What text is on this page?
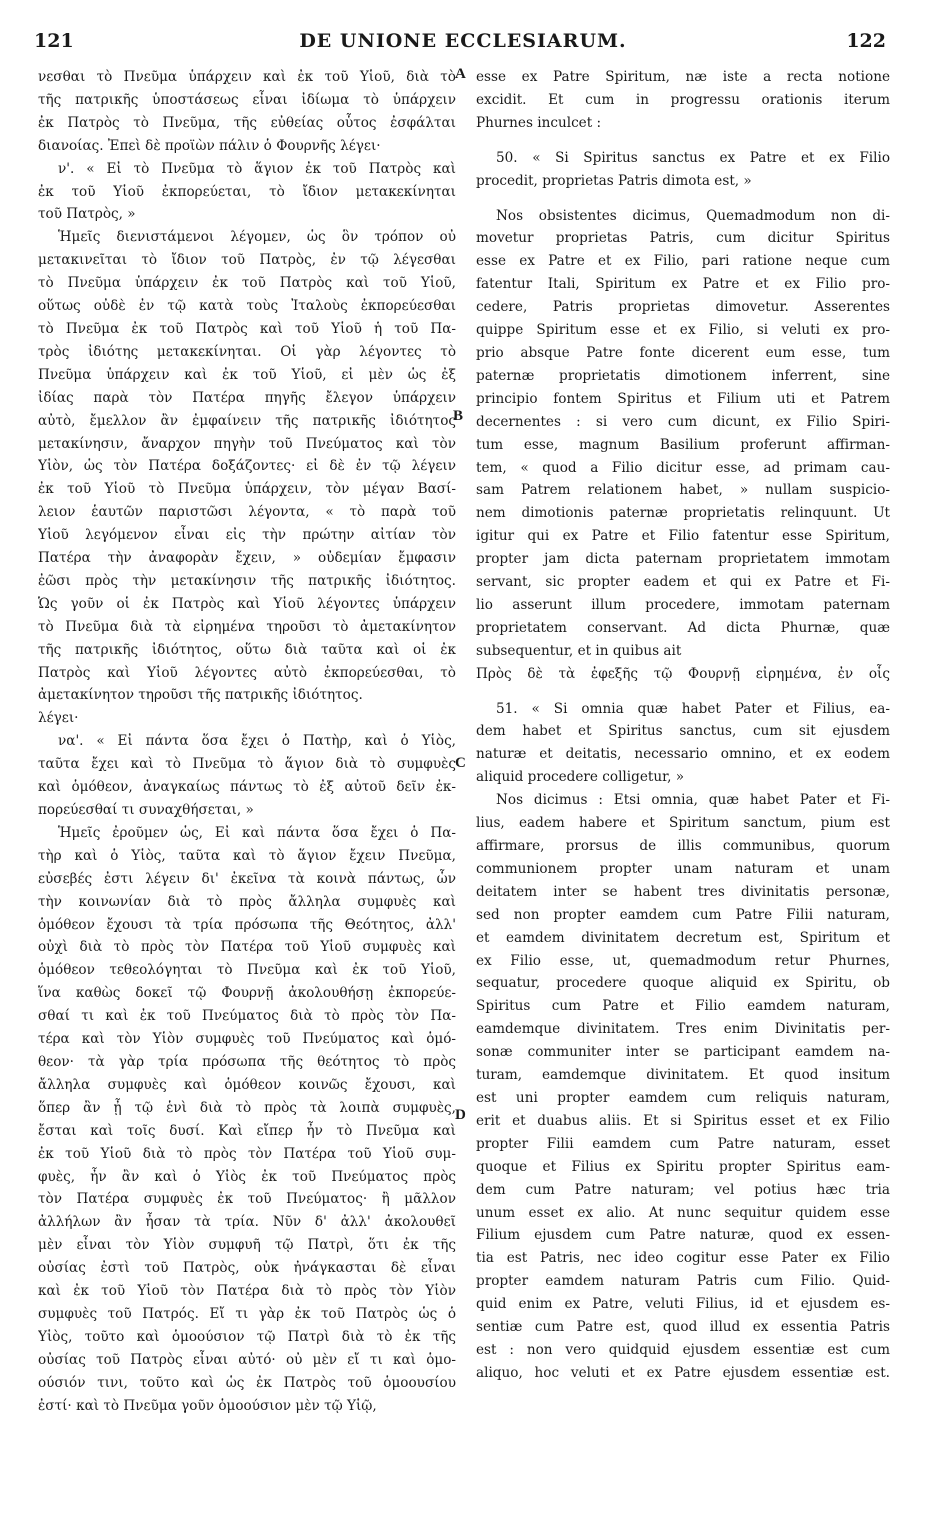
121	DE UNIONE ECCLESIARUM.	122
A
B
C
D
νεσθαι τὸ Πνεῦμα ὑπάρχειν καὶ ἐκ τοῦ Υἱοῦ, διὰ τὸ
τῆς πατρικῆς ὑποστάσεως εἶναι ἰδίωμα τὸ ὑπάρχειν
ἐκ Πατρὸς τὸ Πνεῦμα, τῆς εὐθείας οὗτος ἐσφάλται
διανοίας. Ἐπεὶ δὲ προϊὼν πάλιν ὁ Φουρνῆς λέγει·
ν'. « Εἰ τὸ Πνεῦμα τὸ ἅγιον ἐκ τοῦ Πατρὸς καὶ
ἐκ τοῦ Υἱοῦ ἐκπορεύεται, τὸ ἴδιον μετακεκίνηται
τοῦ Πατρὸς, »
Ἡμεῖς διενιστάμενοι λέγομεν, ὡς ὃν τρόπον οὐ
μετακινεῖται τὸ ἴδιον τοῦ Πατρὸς, ἐν τῷ λέγεσθαι
τὸ Πνεῦμα ὑπάρχειν ἐκ τοῦ Πατρὸς καὶ τοῦ Υἱοῦ,
οὕτως οὐδὲ ἐν τῷ κατὰ τοὺς Ἰταλοὺς ἐκπορεύεσθαι
τὸ Πνεῦμα ἐκ τοῦ Πατρὸς καὶ τοῦ Υἱοῦ ἡ τοῦ Πα-
τρὸς ἰδιότης μετακεκίνηται. Οἱ γὰρ λέγοντες τὸ
Πνεῦμα ὑπάρχειν καὶ ἐκ τοῦ Υἱοῦ, εἰ μὲν ὡς ἐξ
ἰδίας παρὰ τὸν Πατέρα πηγῆς ἔλεγον ὑπάρχειν
αὐτὸ, ἔμελλον ἂν ἐμφαίνειν τῆς πατρικῆς ἰδιότητος
μετακίνησιν, ἄναρχον πηγὴν τοῦ Πνεύματος καὶ τὸν
Υἱὸν, ὡς τὸν Πατέρα δοξάζοντες· εἰ δὲ ἐν τῷ λέγειν
ἐκ τοῦ Υἱοῦ τὸ Πνεῦμα ὑπάρχειν, τὸν μέγαν Βασί-
λειον ἑαυτῶν παριστῶσι λέγοντα, « τὸ παρὰ τοῦ
Υἱοῦ λεγόμενον εἶναι εἰς τὴν πρώτην αἰτίαν τὸν
Πατέρα τὴν ἀναφορὰν ἔχειν, » οὐδεμίαν ἔμφασιν
ἐῶσι πρὸς τὴν μετακίνησιν τῆς πατρικῆς ἰδιότητος.
Ὡς γοῦν οἱ ἐκ Πατρὸς καὶ Υἱοῦ λέγοντες ὑπάρχειν
τὸ Πνεῦμα διὰ τὰ εἰρημένα τηροῦσι τὸ ἀμετακίνητον
τῆς πατρικῆς ἰδιότητος, οὕτω διὰ ταῦτα καὶ οἱ ἐκ
Πατρὸς καὶ Υἱοῦ λέγοντες αὐτὸ ἐκπορεύεσθαι, τὸ
ἀμετακίνητον τηροῦσι τῆς πατρικῆς ἰδιότητος.
λέγει·
να'. « Εἰ πάντα ὅσα ἔχει ὁ Πατὴρ, καὶ ὁ Υἱὸς,
ταῦτα ἔχει καὶ τὸ Πνεῦμα τὸ ἅγιον διὰ τὸ συμφυὲς
καὶ ὁμόθεον, ἀναγκαίως πάντως τὸ ἐξ αὐτοῦ δεῖν ἐκ-
πορεύεσθαί τι συναχθήσεται, »
Ἡμεῖς ἐροῦμεν ὡς, Εἰ καὶ πάντα ὅσα ἔχει ὁ Πα-
τὴρ καὶ ὁ Υἱὸς, ταῦτα καὶ τὸ ἅγιον ἔχειν Πνεῦμα,
εὐσεβές ἐστι λέγειν δι' ἐκεῖνα τὰ κοινὰ πάντως, ὧν
τὴν κοινωνίαν διὰ τὸ πρὸς ἄλληλα συμφυὲς καὶ
ὁμόθεον ἔχουσι τὰ τρία πρόσωπα τῆς Θεότητος, ἀλλ'
οὐχὶ διὰ τὸ πρὸς τὸν Πατέρα τοῦ Υἱοῦ συμφυὲς καὶ
ὁμόθεον τεθεολόγηται τὸ Πνεῦμα καὶ ἐκ τοῦ Υἱοῦ,
ἵνα καθὼς δοκεῖ τῷ Φουρνῇ ἀκολουθήσῃ ἐκπορεύε-
σθαί τι καὶ ἐκ τοῦ Πνεύματος διὰ τὸ πρὸς τὸν Πα-
τέρα καὶ τὸν Υἱὸν συμφυὲς τοῦ Πνεύματος καὶ ὁμό-
θεον· τὰ γὰρ τρία πρόσωπα τῆς θεότητος τὸ πρὸς
ἄλληλα συμφυὲς καὶ ὁμόθεον κοινῶς ἔχουσι, καὶ
ὅπερ ἂν ᾖ τῷ ἑνὶ διὰ τὸ πρὸς τὰ λοιπὰ συμφυὲς,
ἔσται καὶ τοῖς δυσί. Καὶ εἴπερ ἦν τὸ Πνεῦμα καὶ
ἐκ τοῦ Υἱοῦ διὰ τὸ πρὸς τὸν Πατέρα τοῦ Υἱοῦ συμ-
φυὲς, ἦν ἂν καὶ ὁ Υἱὸς ἐκ τοῦ Πνεύματος πρὸς
τὸν Πατέρα συμφυὲς ἐκ τοῦ Πνεύματος· ἢ μᾶλλον
ἀλλήλων ἂν ἦσαν τὰ τρία. Νῦν δ' ἀλλ' ἀκολουθεῖ
μὲν εἶναι τὸν Υἱὸν συμφυῆ τῷ Πατρὶ, ὅτι ἐκ τῆς
οὐσίας ἐστὶ τοῦ Πατρὸς, οὐκ ἠνάγκασται δὲ εἶναι
καὶ ἐκ τοῦ Υἱοῦ τὸν Πατέρα διὰ τὸ πρὸς τὸν Υἱὸν
συμφυὲς τοῦ Πατρός. Εἴ τι γὰρ ἐκ τοῦ Πατρὸς ὡς ὁ
Υἱὸς, τοῦτο καὶ ὁμοούσιον τῷ Πατρὶ διὰ τὸ ἐκ τῆς
οὐσίας τοῦ Πατρὸς εἶναι αὐτό· οὐ μὲν εἴ τι καὶ ὁμο-
ούσιόν τινι, τοῦτο καὶ ὡς ἐκ Πατρὸς τοῦ ὁμοουσίου
ἐστί· καὶ τὸ Πνεῦμα γοῦν ὁμοούσιον μὲν τῷ Υἱῷ,
esse ex Patre Spiritum, næ iste a recta notione
excidit. Et cum in progressu orationis iterum
Phurnes inculcet :
50. « Si Spiritus sanctus ex Patre et ex Filio
procedit, proprietas Patris dimota est, »
Nos obsistentes dicimus, Quemadmodum non di-
movetur proprietas Patris, cum dicitur Spiritus
esse ex Patre et ex Filio, pari ratione neque cum
fatentur Itali, Spiritum ex Patre et ex Filio pro-
cedere, Patris proprietas dimovetur. Asserentes
quippe Spiritum esse et ex Filio, si veluti ex pro-
prio absque Patre fonte dicerent eum esse, tum
paternæ proprietatis dimotionem inferrent, sine
principio fontem Spiritus et Filium uti et Patrem
decernentes : si vero cum dicunt, ex Filio Spiri-
tum esse, magnum Basilium proferunt affirman-
tem, « quod a Filio dicitur esse, ad primam cau-
sam Patrem relationem habet, » nullam suspicio-
nem dimotionis paternæ proprietatis relinquunt. Ut
igitur qui ex Patre et Filio fatentur esse Spiritum,
propter jam dicta paternam proprietatem immotam
servant, sic propter eadem et qui ex Patre et Fi-
lio asserunt illum procedere, immotam paternam
proprietatem conservant. Ad dicta Phurnæ, quæ
subsequentur, et in quibus ait
Πρὸς δὲ τὰ ἐφεξῆς τῷ Φουρνῇ εἰρημένα, ἐν οἷς
51. « Si omnia quæ habet Pater et Filius, ea-
dem habet et Spiritus sanctus, cum sit ejusdem
naturæ et deitatis, necessario omnino, et ex eodem
aliquid procedere colligetur, »
Nos dicimus : Etsi omnia, quæ habet Pater et Fi-
lius, eadem habere et Spiritum sanctum, pium est
affirmare, prorsus de illis communibus, quorum
communionem propter unam naturam et unam
deitatem inter se habent tres divinitatis personæ,
sed non propter eamdem cum Patre Filii naturam,
et eamdem divinitatem decretum est, Spiritum et
ex Filio esse, ut, quemadmodum retur Phurnes,
sequatur, procedere quoque aliquid ex Spiritu, ob
Spiritus cum Patre et Filio eamdem naturam,
eamdemque divinitatem. Tres enim Divinitatis per-
sonæ communiter inter se participant eamdem na-
turam, eamdemque divinitatem. Et quod insitum
est uni propter eamdem cum reliquis naturam,
erit et duabus aliis. Et si Spiritus esset et ex Filio
propter Filii eamdem cum Patre naturam, esset
quoque et Filius ex Spiritu propter Spiritus eam-
dem cum Patre naturam; vel potius hæc tria
unum esset ex alio. At nunc sequitur quidem esse
Filium ejusdem cum Patre naturæ, quod ex essen-
tia est Patris, nec ideo cogitur esse Pater ex Filio
propter eamdem naturam Patris cum Filio. Quid-
quid enim ex Patre, veluti Filius, id et ejusdem es-
sentiæ cum Patre est, quod illud ex essentia Patris
est : non vero quidquid ejusdem essentiæ est cum
aliquo, hoc veluti et ex Patre ejusdem essentiæ est.
